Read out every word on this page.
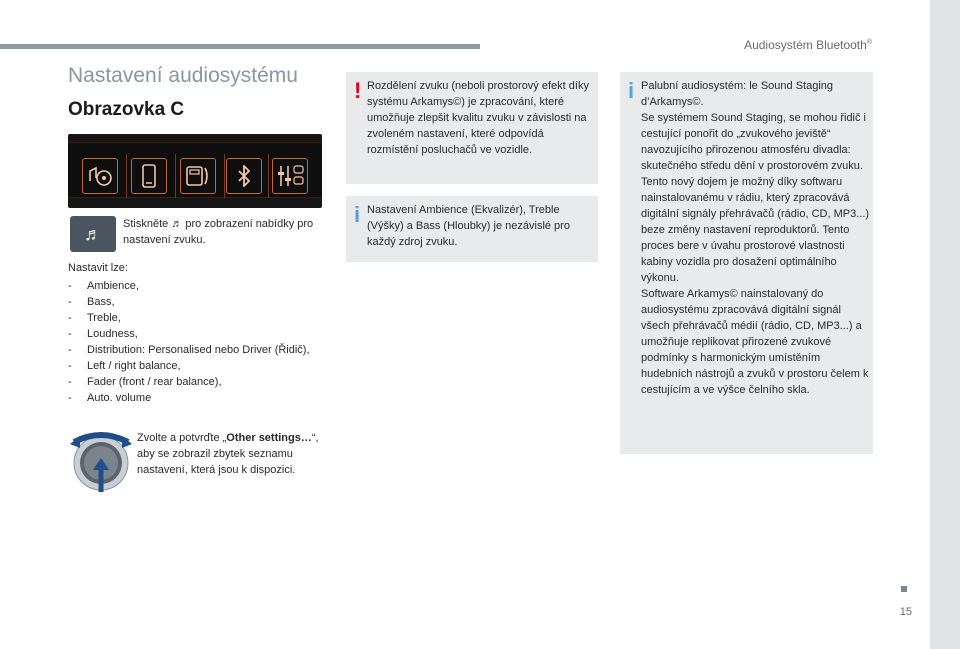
Audiosystém Bluetooth®
15
Nastavení audiosystému
Obrazovka C
♬ Stiskněte ♬ pro zobrazení nabídky pro nastavení zvuku.
Nastavit lze:
- Ambience,
- Bass,
- Treble,
- Loudness,
- Distribution: Personalised nebo Driver (Řidič),
- Left / right balance,
- Fader (front / rear balance),
- Auto. volume
Zvolte a potvrďte „Other settings…“, aby se zobrazil zbytek seznamu nastavení, která jsou k dispozici.
! Rozdělení zvuku (neboli prostorový efekt díky systému Arkamys©) je zpracování, které umožňuje zlepšit kvalitu zvuku v závislosti na zvoleném nastavení, které odpovídá rozmístění posluchačů ve vozidle.
i Nastavení Ambience (Ekvalizér), Treble (Výšky) a Bass (Hloubky) je nezávislé pro každý zdroj zvuku.
i Palubní audiosystém: le Sound Staging d’Arkamys©.
Se systémem Sound Staging, se mohou řidič i cestující ponořit do „zvukového jeviště“ navozujícího přirozenou atmosféru divadla: skutečného středu dění v prostorovém zvuku.
Tento nový dojem je možný díky softwaru nainstalovanému v rádiu, který zpracovává digitální signály přehrávačů (rádio, CD, MP3...) beze změny nastavení reproduktorů. Tento proces bere v úvahu prostorové vlastnosti kabiny vozidla pro dosažení optimálního výkonu.
Software Arkamys© nainstalovaný do audiosystému zpracovává digitální signál všech přehrávačů médií (rádio, CD, MP3...) a umožňuje replikovat přirozené zvukové podmínky s harmonickým umístěním hudebních nástrojů a zvuků v prostoru čelem k cestujícím a ve výšce čelního skla.
